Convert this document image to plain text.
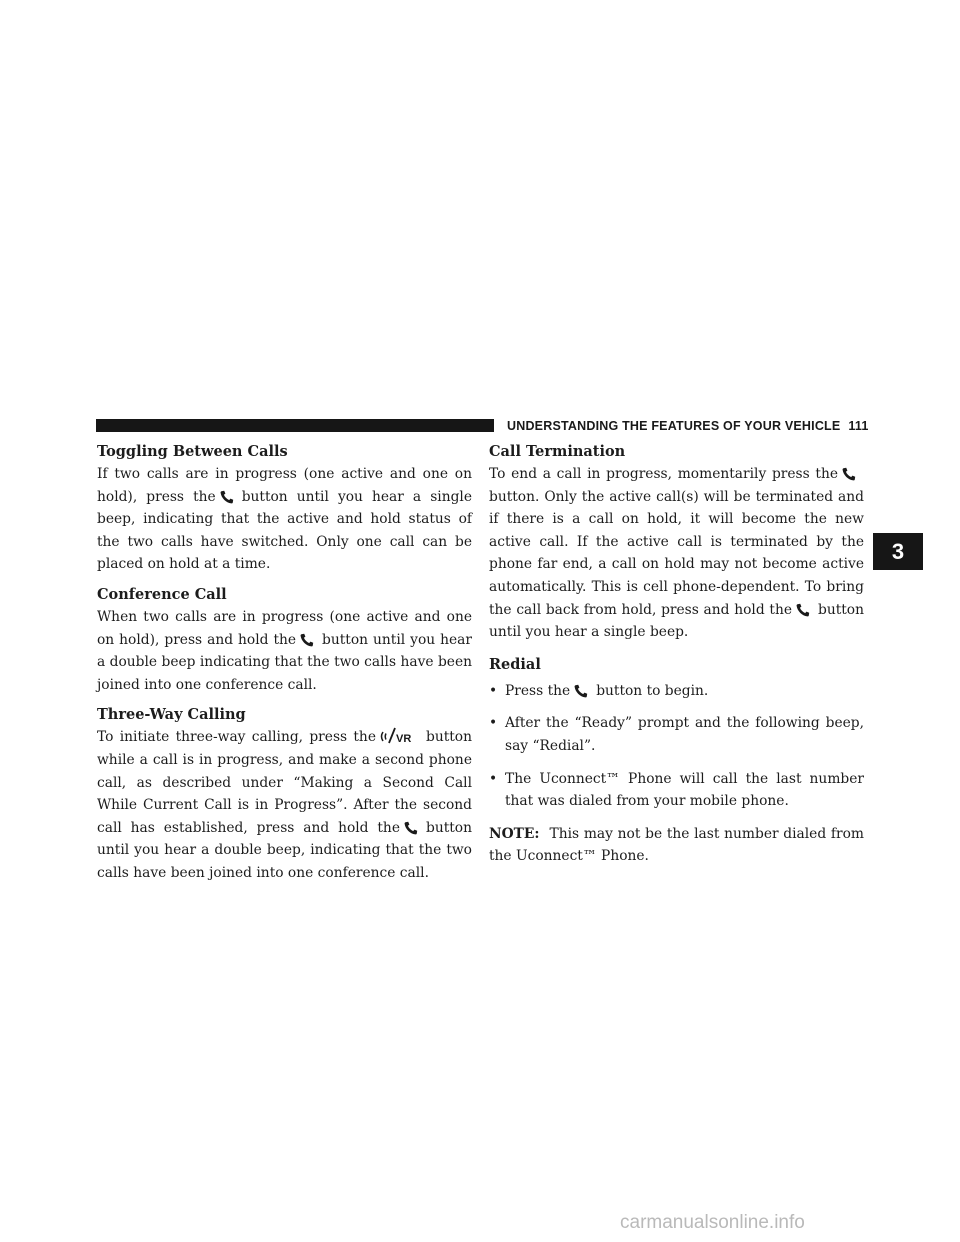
UNDERSTANDING THE FEATURES OF YOUR VEHICLE 111
3
Toggling Between Calls

If two calls are in progress (one active and one on hold), press the button until you hear a single beep, indicating that the active and hold status of the two calls have switched. Only one call can be placed on hold at a time.

Conference Call

When two calls are in progress (one active and one on hold), press and hold the button until you hear a double beep indicating that the two calls have been joined into one conference call.

Three-Way Calling

To initiate three-way calling, press the VR button while a call is in progress, and make a second phone call, as described under “Making a Second Call While Current Call is in Progress”. After the second call has established, press and hold the button until you hear a double beep, indicating that the two calls have been joined into one conference call.

Call Termination

To end a call in progress, momentarily press thebutton. Only the active call(s) will be terminated and if there is a call on hold, it will become the new active call. If the active call is terminated by the phone far end, a call on hold may not become active automatically. This is cell phone-dependent. To bring the call back from hold, press and hold the button until you hear a single beep.

Redial
• Press the button to begin.
• After the “Ready” prompt and the following beep, say “Redial”.
• The Uconnect™ Phone will call the last number that was dialed from your mobile phone.

NOTE: This may not be the last number dialed from the Uconnect™ Phone.

carmanualsonline.info
